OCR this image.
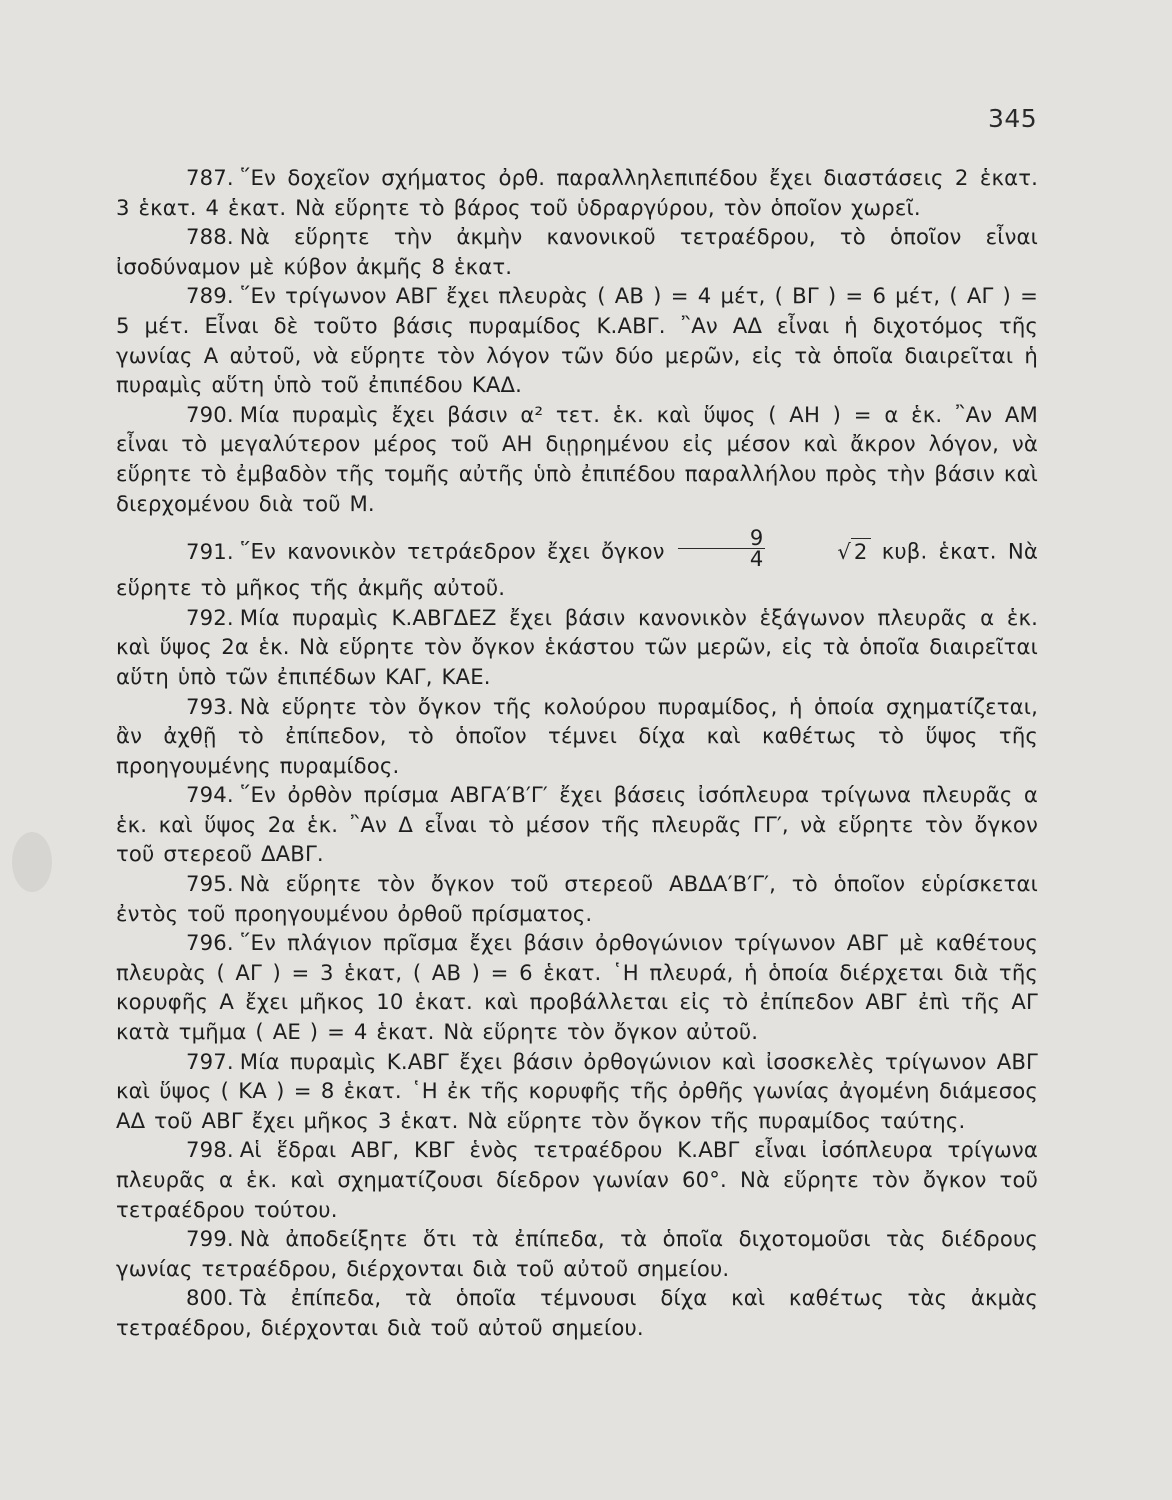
345

787. ῞Εν δοχεῖον σχήματος ὀρθ. παραλληλεπιπέδου ἔχει διαστάσεις 2 ἑκατ. 3 ἑκατ. 4 ἑκατ. Νὰ εὕρητε τὸ βάρος τοῦ ὑδραργύρου, τὸν ὁποῖον χωρεῖ.

788. Νὰ εὕρητε τὴν ἀκμὴν κανονικοῦ τετραέδρου, τὸ ὁποῖον εἶναι ἰσοδύναμον μὲ κύβον ἀκμῆς 8 ἑκατ.

789. ῞Εν τρίγωνον ΑΒΓ ἔχει πλευρὰς ( ΑΒ ) = 4 μέτ, ( ΒΓ ) = 6 μέτ, ( ΑΓ ) = 5 μέτ. Εἶναι δὲ τοῦτο βάσις πυραμίδος Κ.ΑΒΓ. ῍Αν ΑΔ εἶναι ἡ διχοτόμος τῆς γωνίας Α αὐτοῦ, νὰ εὕρητε τὸν λόγον τῶν δύο μερῶν, εἰς τὰ ὁποῖα διαιρεῖται ἡ πυραμὶς αὕτη ὑπὸ τοῦ ἐπιπέδου ΚΑΔ.

790. Μία πυραμὶς ἔχει βάσιν α² τετ. ἑκ. καὶ ὕψος ( ΑΗ ) = α ἑκ. ῍Αν ΑΜ εἶναι τὸ μεγαλύτερον μέρος τοῦ ΑΗ διῃρημένου εἰς μέσον καὶ ἄκρον λόγον, νὰ εὕρητε τὸ ἐμβαδὸν τῆς τομῆς αὐτῆς ὑπὸ ἐπιπέδου παραλλήλου πρὸς τὴν βάσιν καὶ διερχομένου διὰ τοῦ Μ.

791. ῞Εν κανονικὸν τετράεδρον ἔχει ὄγκον $\frac{9}{4}$	√ 2 κυβ. ἑκατ. Νὰ εὕρητε τὸ μῆκος τῆς ἀκμῆς αὐτοῦ.

792. Μία πυραμὶς Κ.ΑΒΓΔΕΖ ἔχει βάσιν κανονικὸν ἑξάγωνον πλευρᾶς α ἑκ. καὶ ὕψος 2α ἑκ. Νὰ εὕρητε τὸν ὄγκον ἑκάστου τῶν μερῶν, εἰς τὰ ὁποῖα διαιρεῖται αὕτη ὑπὸ τῶν ἐπιπέδων ΚΑΓ, ΚΑΕ.

793. Νὰ εὕρητε τὸν ὄγκον τῆς κολούρου πυραμίδος, ἡ ὁποία σχηματίζεται, ἂν ἀχθῇ τὸ ἐπίπεδον, τὸ ὁποῖον τέμνει δίχα καὶ καθέτως τὸ ὕψος τῆς προηγουμένης πυραμίδος.

794. ῞Εν ὀρθὸν πρίσμα ΑΒΓΑ′Β′Γ′ ἔχει βάσεις ἰσόπλευρα τρίγωνα πλευρᾶς α ἑκ. καὶ ὕψος 2α ἑκ. ῍Αν Δ εἶναι τὸ μέσον τῆς πλευρᾶς ΓΓ′, νὰ εὕρητε τὸν ὄγκον τοῦ στερεοῦ ΔΑΒΓ.

795. Νὰ εὕρητε τὸν ὄγκον τοῦ στερεοῦ ΑΒΔΑ′Β′Γ′, τὸ ὁποῖον εὑρίσκεται ἐντὸς τοῦ προηγουμένου ὀρθοῦ πρίσματος.

796. ῞Εν πλάγιον πρῖσμα ἔχει βάσιν ὀρθογώνιον τρίγωνον ΑΒΓ μὲ καθέτους πλευρὰς ( ΑΓ ) = 3 ἑκατ, ( ΑΒ ) = 6 ἑκατ. ῾Η πλευρά, ἡ ὁποία διέρχεται διὰ τῆς κορυφῆς Α ἔχει μῆκος 10 ἑκατ. καὶ προβάλλεται εἰς τὸ ἐπίπεδον ΑΒΓ ἐπὶ τῆς ΑΓ κατὰ τμῆμα ( ΑΕ ) = 4 ἑκατ. Νὰ εὕρητε τὸν ὄγκον αὐτοῦ.

797. Μία πυραμὶς Κ.ΑΒΓ ἔχει βάσιν ὀρθογώνιον καὶ ἰσοσκελὲς τρίγωνον ΑΒΓ καὶ ὕψος ( ΚΑ ) = 8 ἑκατ. ῾Η ἐκ τῆς κορυφῆς τῆς ὀρθῆς γωνίας ἀγομένη διάμεσος ΑΔ τοῦ ΑΒΓ ἔχει μῆκος 3 ἑκατ. Νὰ εὕρητε τὸν ὄγκον τῆς πυραμίδος ταύτης.

798. Αἱ ἕδραι ΑΒΓ, ΚΒΓ ἑνὸς τετραέδρου Κ.ΑΒΓ εἶναι ἰσόπλευρα τρίγωνα πλευρᾶς α ἑκ. καὶ σχηματίζουσι δίεδρον γωνίαν 60°. Νὰ εὕρητε τὸν ὄγκον τοῦ τετραέδρου τούτου.

799. Νὰ ἀποδείξητε ὅτι τὰ ἐπίπεδα, τὰ ὁποῖα διχοτομοῦσι τὰς διέδρους γωνίας τετραέδρου, διέρχονται διὰ τοῦ αὐτοῦ σημείου.

800. Τὰ ἐπίπεδα, τὰ ὁποῖα τέμνουσι δίχα καὶ καθέτως τὰς ἀκμὰς τετραέδρου, διέρχονται διὰ τοῦ αὐτοῦ σημείου.
